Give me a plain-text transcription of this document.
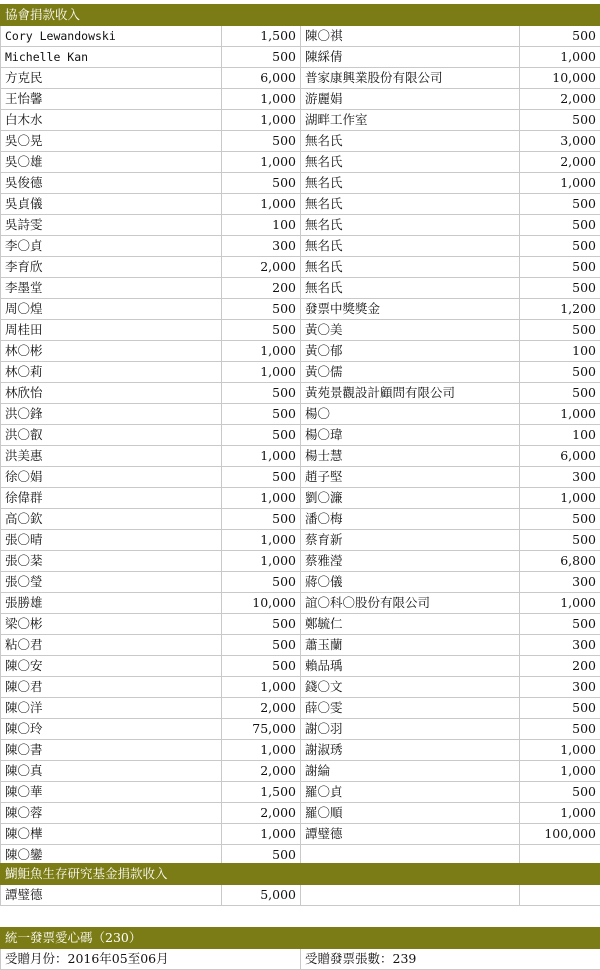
協會捐款收入			
Cory Lewandowski	1,500	陳〇祺	500
Michelle Kan	500	陳綵倩	1,000
方克民	6,000	普家康興業股份有限公司	10,000
王怡馨	1,000	游麗娟	2,000
白木水	1,000	湖畔工作室	500
吳〇晃	500	無名氏	3,000
吳〇雄	1,000	無名氏	2,000
吳俊德	500	無名氏	1,000
吳貞儀	1,000	無名氏	500
吳詩雯	100	無名氏	500
李〇貞	300	無名氏	500
李育欣	2,000	無名氏	500
李墨堂	200	無名氏	500
周〇煌	500	發票中獎獎金	1,200
周桂田	500	黃〇美	500
林〇彬	1,000	黃〇郁	100
林〇莉	1,000	黃〇儒	500
林欣怡	500	黃苑景觀設計顧問有限公司	500
洪〇鋒	500	楊〇	1,000
洪〇叡	500	楊〇瑋	100
洪美惠	1,000	楊士慧	6,000
徐〇娟	500	趙子堅	300
徐偉群	1,000	劉〇濂	1,000
高〇欽	500	潘〇梅	500
張〇晴	1,000	蔡育新	500
張〇棻	1,000	蔡雅瀅	6,800
張〇瑩	500	蔣〇儀	300
張勝雄	10,000	誼〇科〇股份有限公司	1,000
梁〇彬	500	鄭毓仁	500
粘〇君	500	蕭玉蘭	300
陳〇安	500	賴品瑀	200
陳〇君	1,000	錢〇文	300
陳〇洋	2,000	薛〇雯	500
陳〇玲	75,000	謝〇羽	500
陳〇書	1,000	謝淑琇	1,000
陳〇真	2,000	謝綸	1,000
陳〇華	1,500	羅〇貞	500
陳〇蓉	2,000	羅〇順	1,000
陳〇樺	1,000	譚璧德	100,000
陳〇鑾	500		
鰗鮔魚生存研究基金捐款收入
譚璧德	5,000		
統一發票愛心碼（230）
受贈月份：2016年05至06月	受贈發票張數：239
